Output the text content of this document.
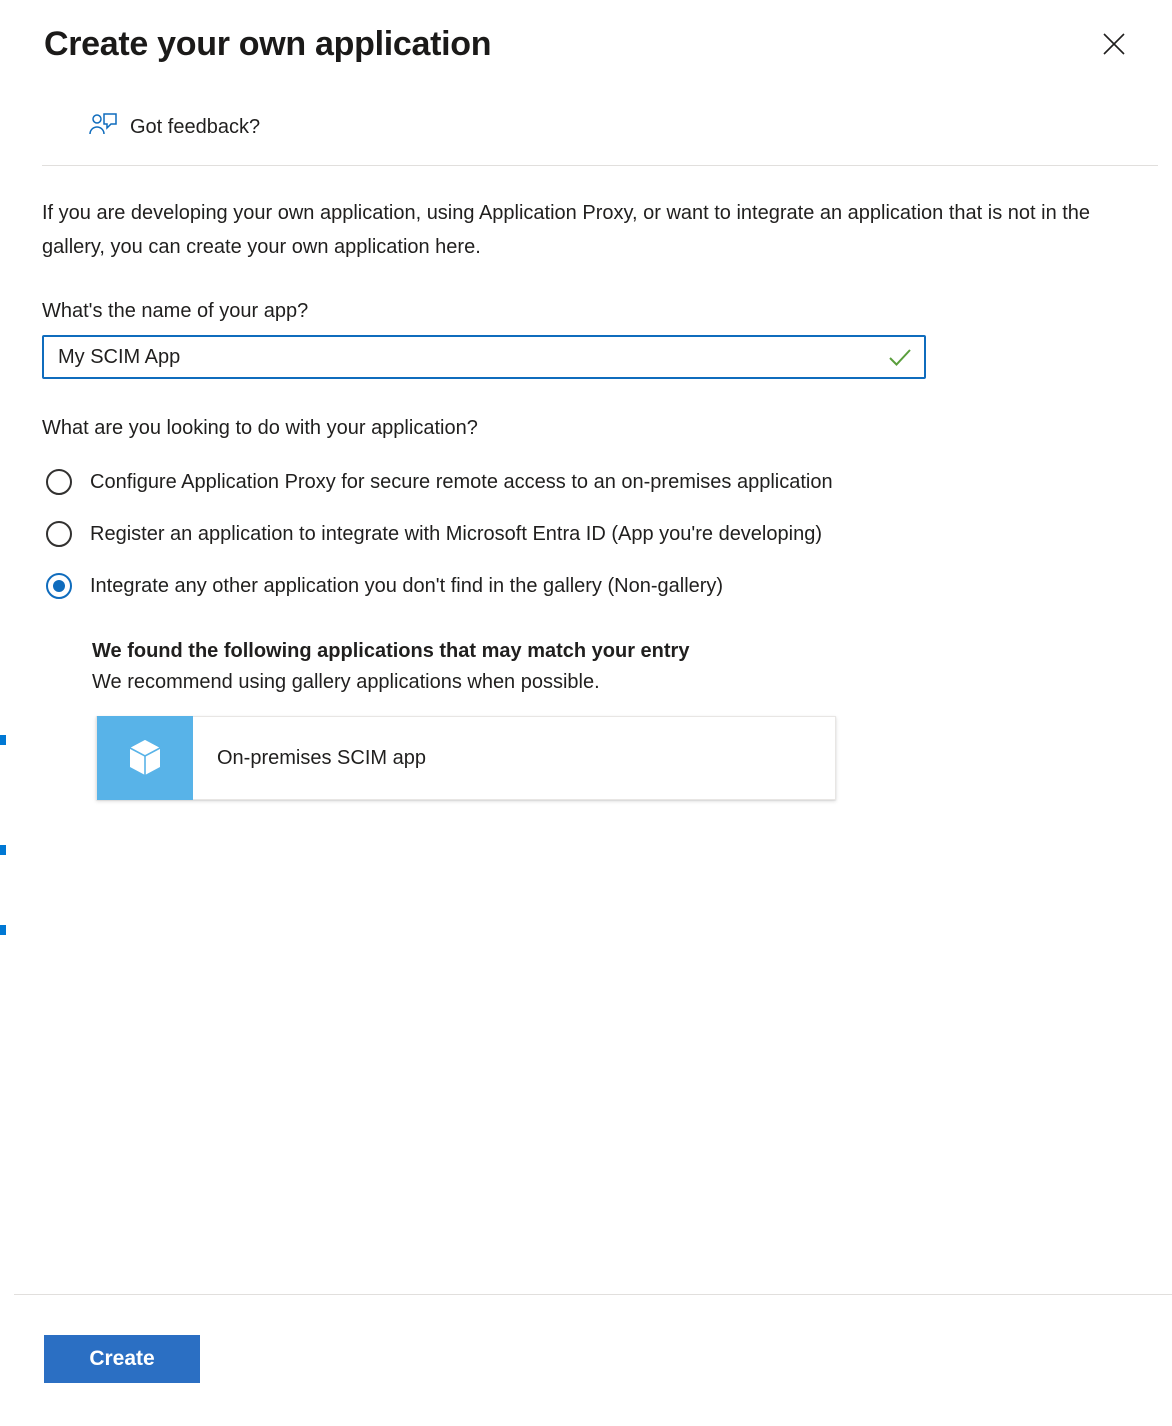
Create your own application
Got feedback?

If you are developing your own application, using Application Proxy, or want to integrate an application that is not in the gallery, you can create your own application here.

What's the name of your app?
My SCIM App
What are you looking to do with your application?
Configure Application Proxy for secure remote access to an on-premises application
Register an application to integrate with Microsoft Entra ID (App you're developing)
Integrate any other application you don't find in the gallery (Non-gallery)
We found the following applications that may match your entry
We recommend using gallery applications when possible.
On-premises SCIM app
Create
